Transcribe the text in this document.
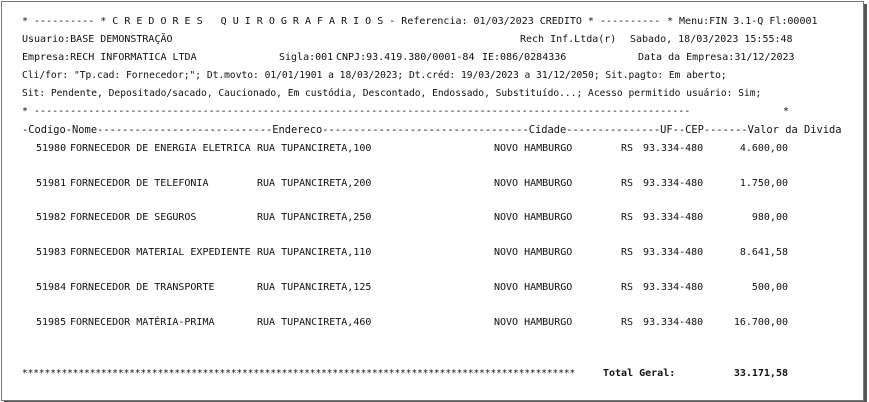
* ---------- * C R E D O R E S   Q U I R O G R A F A R I O S - Referencia: 01/03/2023 CREDITO * ---------- * Menu:FIN 3.1-Q Fl:00001
Usuario:BASE DEMONSTRAÇÃO	Rech Inf.Ltda(r) Sabado, 18/03/2023 15:55:48
Empresa:RECH INFORMATICA LTDA	Sigla:001 CNPJ:93.419.380/0001-84 IE:086/0284336	Data da Empresa:31/12/2023
Cli/for: "Tp.cad: Fornecedor;"; Dt.movto: 01/01/1901 a 18/03/2023; Dt.créd: 19/03/2023 a 31/12/2050; Sit.pagto: Em aberto;
Sit: Pendente, Depositado/sacado, Caucionado, Em custódia, Descontado, Endossado, Substituído...; Acesso permitido usuário: Sim;
* -------------------------------------------------------------------------------------------------------------	*
-Codigo-Nome----------------------------Endereco---------------------------------Cidade---------------UF--CEP-------Valor da Divida
51980 FORNECEDOR DE ENERGIA ELETRICA RUA TUPANCIRETA,100	NOVO HAMBURGO	RS 93.334-480	4.600,00
51981 FORNECEDOR DE TELEFONIA	RUA TUPANCIRETA,200	NOVO HAMBURGO	RS 93.334-480	1.750,00
51982 FORNECEDOR DE SEGUROS	RUA TUPANCIRETA,250	NOVO HAMBURGO	RS 93.334-480	980,00
51983 FORNECEDOR MATERIAL EXPEDIENTE RUA TUPANCIRETA,110	NOVO HAMBURGO	RS 93.334-480	8.641,58
51984 FORNECEDOR DE TRANSPORTE	RUA TUPANCIRETA,125	NOVO HAMBURGO	RS 93.334-480	500,00
51985 FORNECEDOR MATÉRIA-PRIMA	RUA TUPANCIRETA,460	NOVO HAMBURGO	RS 93.334-480	16.700,00
**************************************************************************************************	Total Geral:	33.171,58
